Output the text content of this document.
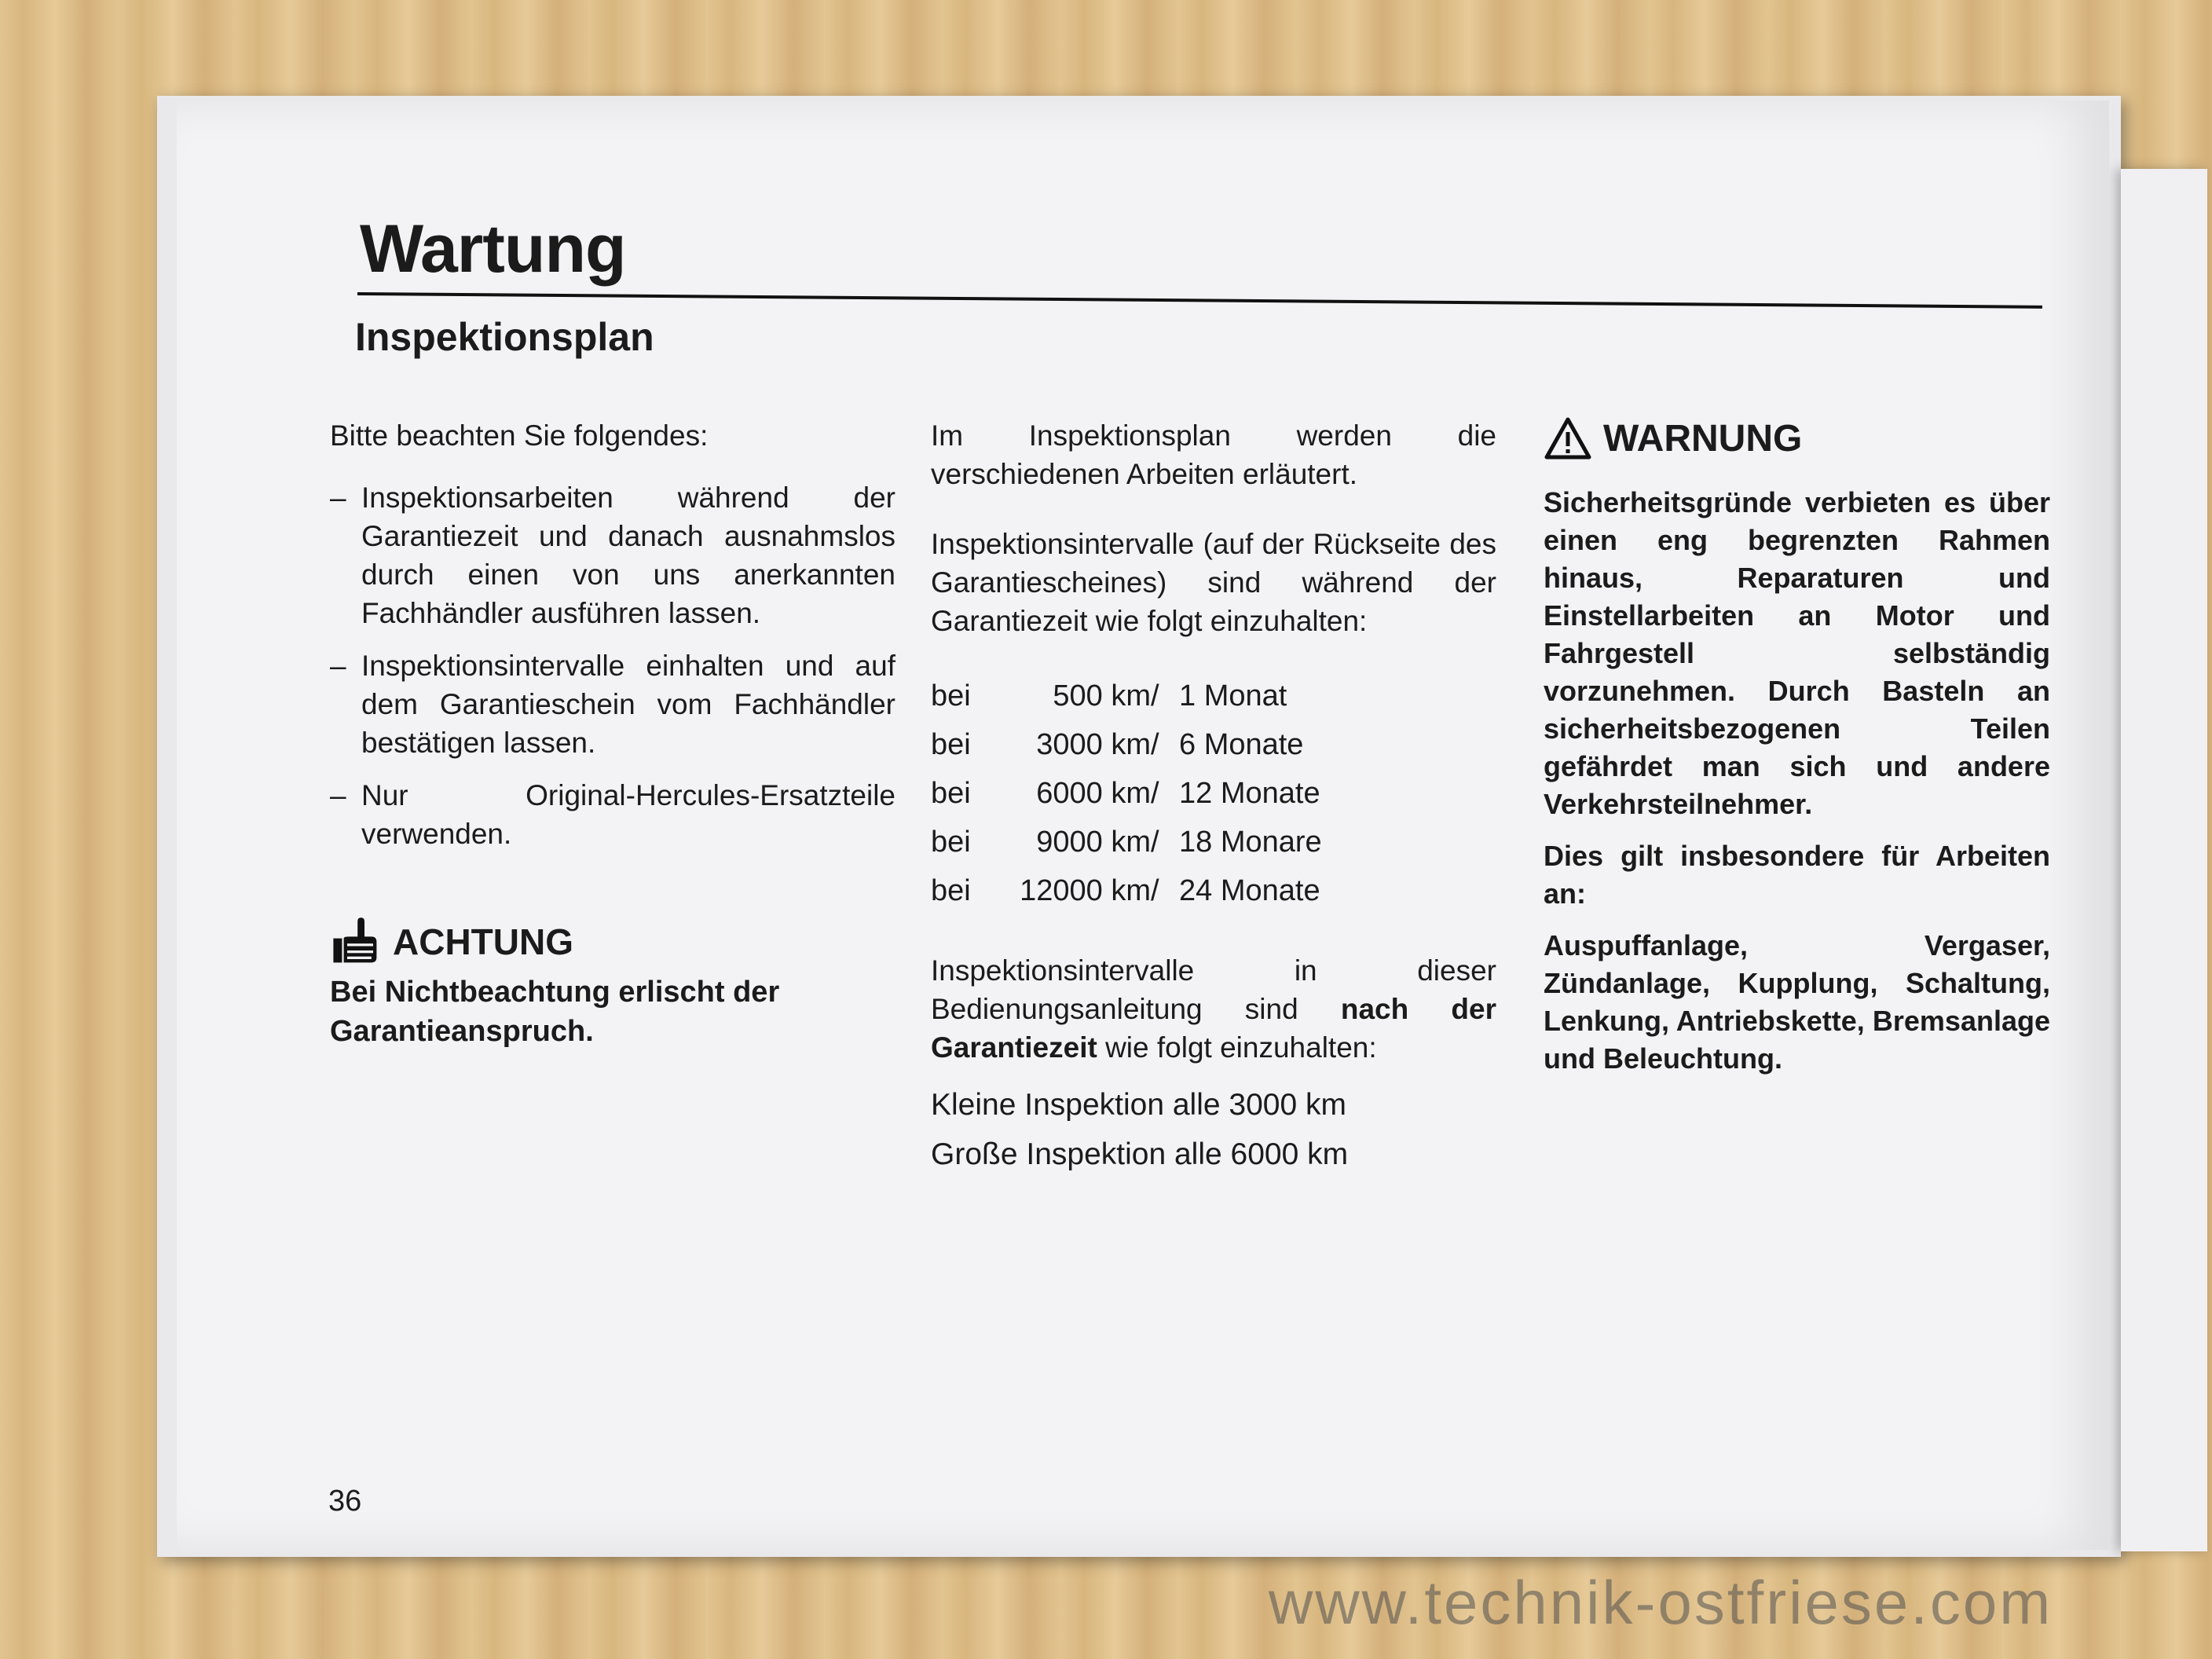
Wartung
Inspektionsplan

Bitte beachten Sie folgendes:

– Inspektionsarbeiten während der Garantiezeit und danach ausnahmslos durch einen von uns anerkannten Fachhändler ausführen lassen.
– Inspektionsintervalle einhalten und auf dem Garantieschein vom Fachhändler bestätigen lassen.
– Nur Original-Hercules-Ersatzteile verwenden.
ACHTUNG

Bei Nichtbeachtung erlischt der Garantieanspruch.

Im Inspektionsplan werden die verschiedenen Arbeiten erläutert.

Inspektionsintervalle (auf der Rückseite des Garantiescheines) sind während der Garantiezeit wie folgt einzuhalten:

bei	500 km	/	1 Monat
bei	3000 km	/	6 Monate
bei	6000 km	/	12 Monate
bei	9000 km	/	18 Monare
bei	12000 km	/	24 Monate

Inspektionsintervalle in dieser Bedienungsanleitung sind nach der Garantiezeit wie folgt einzuhalten:

Kleine Inspektion alle 3000 km

Große Inspektion alle 6000 km

WARNUNG

Sicherheitsgründe verbieten es über einen eng begrenzten Rahmen hinaus, Reparaturen und Einstellarbeiten an Motor und Fahrgestell selbständig vorzunehmen. Durch Basteln an sicherheitsbezogenen Teilen gefährdet man sich und andere Verkehrsteilnehmer.

Dies gilt insbesondere für Arbeiten an:

Auspuffanlage, Vergaser, Zündanlage, Kupplung, Schaltung, Lenkung, Antriebskette, Bremsanlage und Beleuchtung.

36

www.technik-ostfriese.com
